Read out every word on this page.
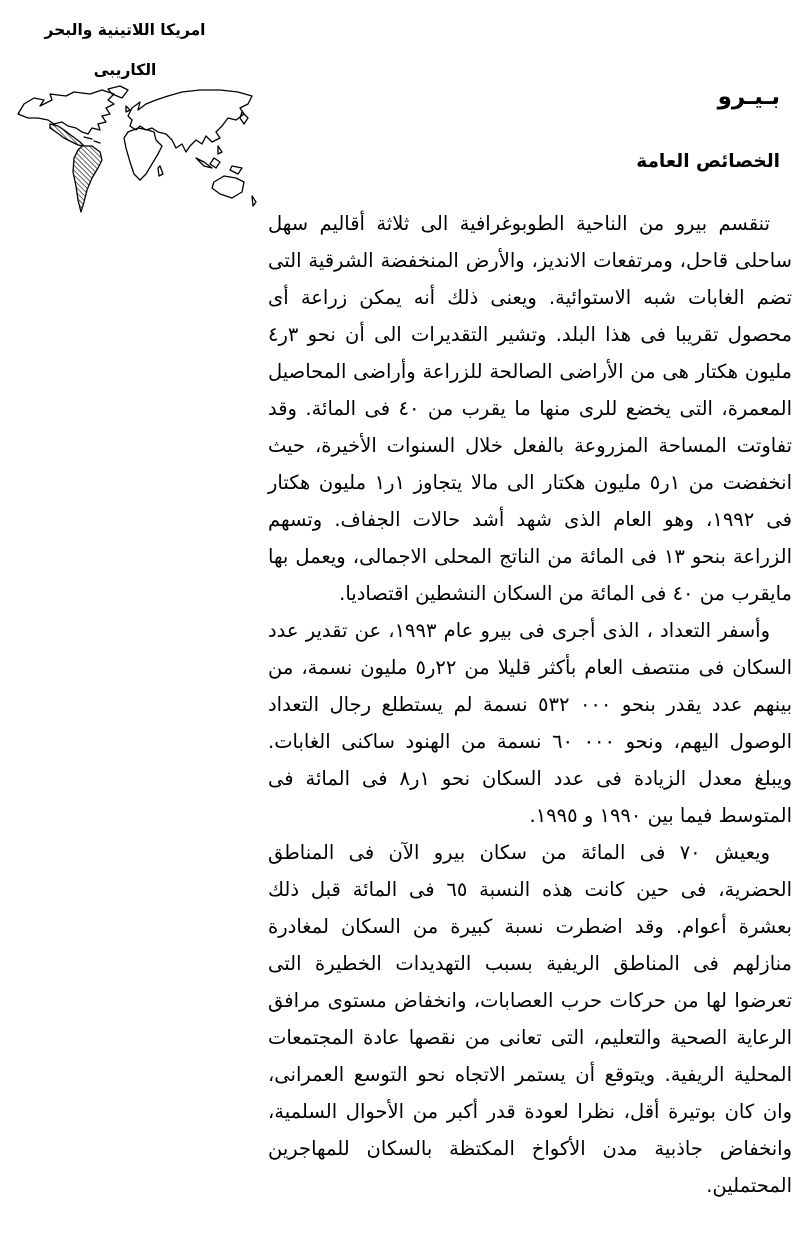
امريكا اللاتينية والبحر
الكاريبى
بـيـرو
الخصائص العامة

تنقسم بيرو من الناحية الطوبوغرافية الى ثلاثة أقاليم سهل ساحلى قاحل، ومرتفعات الانديز، والأرض المنخفضة الشرقية التى تضم الغابات شبه الاستوائية. ويعنى ذلك أنه يمكن زراعة أى محصول تقريبا فى هذا البلد. وتشير التقديرات الى أن نحو ٣ر٤ مليون هكتار هى من الأراضى الصالحة للزراعة وأراضى المحاصيل المعمرة، التى يخضع للرى منها ما يقرب من ٤٠ فى المائة. وقد تفاوتت المساحة المزروعة بالفعل خلال السنوات الأخيرة، حيث انخفضت من ١ر٥ مليون هكتار الى مالا يتجاوز ١ر١ مليون هكتار فى ١٩٩٢، وهو العام الذى شهد أشد حالات الجفاف. وتسهم الزراعة بنحو ١٣ فى المائة من الناتج المحلى الاجمالى، ويعمل بها مايقرب من ٤٠ فى المائة من السكان النشطين اقتصاديا.

وأسفر التعداد ، الذى أجرى فى بيرو عام ١٩٩٣، عن تقدير عدد السكان فى منتصف العام بأكثر قليلا من ٢٢ر٥ مليون نسمة، من بينهم عدد يقدر بنحو ٥٣٢ ٠٠٠ نسمة لم يستطلع رجال التعداد الوصول اليهم، ونحو ٦٠ ٠٠٠ نسمة من الهنود ساكنى الغابات. ويبلغ معدل الزيادة فى عدد السكان نحو ١ر٨ فى المائة فى المتوسط فيما بين ١٩٩٠ و ١٩٩٥.

ويعيش ٧٠ فى المائة من سكان بيرو الآن فى المناطق الحضرية، فى حين كانت هذه النسبة ٦٥ فى المائة قبل ذلك بعشرة أعوام. وقد اضطرت نسبة كبيرة من السكان لمغادرة منازلهم فى المناطق الريفية بسبب التهديدات الخطيرة التى تعرضوا لها من حركات حرب العصابات، وانخفاض مستوى مرافق الرعاية الصحية والتعليم، التى تعانى من نقصها عادة المجتمعات المحلية الريفية. ويتوقع أن يستمر الاتجاه نحو التوسع العمرانى، وان كان بوتيرة أقل، نظرا لعودة قدر أكبر من الأحوال السلمية، وانخفاض جاذبية مدن الأكواخ المكتظة بالسكان للمهاجرين المحتملين.
